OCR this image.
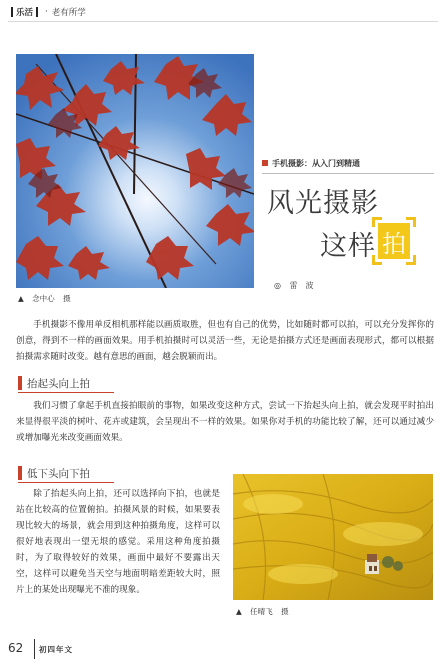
乐活 · 老有所学
▲ 念中心 摄
手机摄影：从入门到精通
风光摄影
这样 拍
◎ 雷　波

手机摄影不像用单反相机那样能以画质取胜，但也有自己的优势，比如随时都可以拍，可以充分发挥你的创意，得到不一样的画面效果。用手机拍摄时可以灵活一些，无论是拍摄方式还是画面表现形式，都可以根据拍摄需求随时改变。越有意思的画面，越会脱颖而出。

抬起头向上拍

我们习惯了拿起手机直接拍眼前的事物，如果改变这种方式，尝试一下抬起头向上拍，就会发现平时拍出来显得很平淡的树叶、花卉或建筑，会呈现出不一样的效果。如果你对手机的功能比较了解，还可以通过减少或增加曝光来改变画面效果。

低下头向下拍

除了抬起头向上拍，还可以选择向下拍，也就是站在比较高的位置俯拍。拍摄风景的时候，如果要表现比较大的场景，就会用到这种拍摄角度，这样可以很好地表现出一望无垠的感觉。采用这种角度拍摄时，为了取得较好的效果，画面中最好不要露出天空，这样可以避免当天空与地面明暗差距较大时，照片上的某处出现曝光不准的现象。

▲ 任晴飞 摄
62 初四年文
